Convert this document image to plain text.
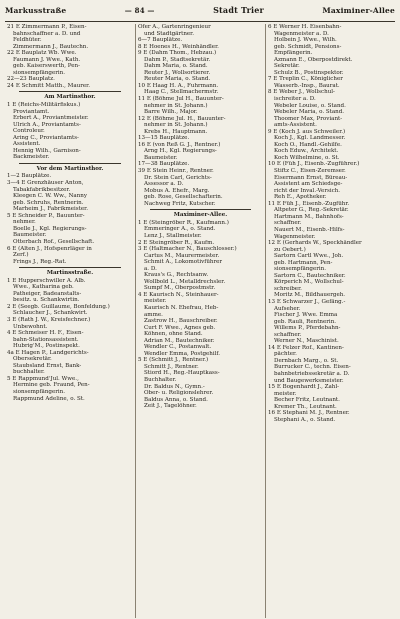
Markusstraße	— 84 —	Stadt Trier	Maximiner-Allee
21 E Zimmermann P., Eisen-
bahnschaffner a. D. und
Feldhüter.
Zimmermann J., Bautechn.
22 E Bauplatz Wb. Wwe.
Faumann J. Wwe., Kath.
geb. Kaiserswerth, Pen-
sionsempfängerin.
22—23 Bauplatz.
24 E Schmitt Matth., Maurer.
Am Martinsthor.
1 E (Reichs-Militärfiskus.)
Proviantamt.
Erbert A., Proviantmeister.
Ulrich A., Proviantamts-
Controleur.
Aring C., Proviantamts-
Assistent.
Hennig Wilh., Garnison-
Backmeister.
Vor dem Martinsthor.
1—2 Bauplätze.
3—4 E Grenzhäuser Anton,
Tabakfabrikbesitzer.
Kleegen C. W. Ww., Nanny
geb. Schruhs, Rentnerin.
Marheim J., Fabrikmeister.
5 E Schneider P., Bauunter-
nehmer.
Boelle J., Kgl. Regierungs-
Baumeister.
Otterbach Rof., Gesellschaft.
6 E (Alten J., Hofspenrläger in
Zerf.)
Frings J., Reg.-Rat.
Martinsstraße.
1 E Hupperschwiller A. Alb.
Wwe., Katharina geb.
Patheiger, Badeanstalts-
besitz. u. Schankwirtin.
2 E (Seegb. Guillaume, Bonfeldung.)
Schlaucher J., Schankwirt.
3 E (Rath J. W., Kreisfechner.)
Unbewohnt.
4 E Schmeiser H. F., Eisen-
bahn-Stationsassistent.
HubrigʿM., Postinspekt.
4a E Hagen P., Landgerichts-
Obersekretär.
Staubsland Ernst, Bank-
buchhalter.
5 E RappmundʿJul. Wwe.,
Hermine geb. Fraund, Pen-
sionsempfängerin.
Rappmund Adeline, o. St.
Ofer A., Gartenringenieur
und Stadtgärtner.
6—7 Bauplätze.
8 E Hoenes H., Weinhändler.
9 E (Dahm Thom., Hebzau.)
Dahm P., Stadtsekretär.
Dahm Maria, o. Stand.
Reuter J., Wollsortierer.
Reuter Maria, o. Stand.
10 E Haag H. A., Fuhrmann.
Haag C., Stellmachermstr.
11 E (Böhme Jul H., Bauunter-
nehmer in St. Johann.)
Barre Wilh., Major.
12 E (Böhme Jul. H., Bauunter-
nehmer in St. Johann.)
Krebs H., Hauptmann.
13—15 Bauplätze.
16 E (von Reß G. J., Rentner.)
Arng H., Kgl. Regierungs-
Baumeister.
17—38 Bauplätze.
39 E Stein Heinr., Rentner.
Dr. Stein Carl, Gerichts-
Assessor a. D.
Mobus A. Ehefr., Marg.
geb. Rose, Gesellschafterin.
Nachweg Fritz, Kutscher.
Maximiner-Allee.
1 E (Steingröber R., Kaufmann.)
Emmeringer A., o. Stand.
Lenz J., Stallmeister.
2 E Steingröber R., Kaufm.
3 E (Haltmacher N., Bauschlosser.)
Cartus M., Maurermeister.
Schmit A., Lokomotivführer
a. D.
Kraus's G., Rechtsanw.
Wollbold L., Metalldrechsler.
Sumpf M., Oberpostmstr.
4 E Kaurisch N., Steinhauer-
meister.
Kaurisch N. Ehefrau, Heb-
amme.
Zastrow H., Bauschreiber.
Curt F. Wwe., Agnes geb.
Köhnen, ohne Stand.
Adrian M., Bautechniker.
Wendler C., Postanwalt.
Wendler Emma, Postgehilf.
5 E (Schmitt J., Rentner.)
Schmitt J., Rentner.
Stiord H., Reg.-Hauptkass-
Buchhalter.
Dr. Baldus N., Gymn.-
Ober- u. Religionslehrer.
Baldus Anna, o. Stand.
Zeit J., Tagelöhner.
6 E Werner H. Eisenbahn-
Wagenmeister a. D.
Holbein J. Wwe., Wilh.
geb. Schmidt, Pensions-
Empfängerin.
Azmann E., Oberpostdirekt.
Sekretär.
Schulz B., Postinspektor.
7 E Treplin C., Königlicher
Wasserb.-Insp., Baurat.
8 E Weber J., Wollschul-
ischreiter a. D.
Webeler Louise, o. Stand.
Webeler Maria, o. Stand.
Thoomer Max, Proviant-
amts-Assistent.
9 E (Koch J. aus Schweiler.)
Koch J., Kgl. Landmesser.
Koch O., Handl.-Gehilfe.
Koch Eduw., Architekt.
Koch Wilhelmine, o. St.
10 E (Füh J., Eisenb.-Zugführer.)
Stiftz C., Eisen-Zeremser.
Eisermann Ernst, Büreau-
Assistent am Schiedsge-
richt der Inval.-Versich.
Reh E., Apotheker.
11 E Füh J., Eisenb.-Zugführ.
Altpeter G., Reg.-Sekretär.
Hartmann M., Bahnhofs-
schaffner.
Nauert M., Eisenb.-Hilfs-
Wagenmeister.
12 E (Gerhards W., Speckhändler
zu Oebert.)
Sartorn Cartl Wwe., Joh.
geb. Hartmann, Pen-
sionsempfängerin.
Sartorn C., Bautechniker.
Körperich M., Wollschul-
schreiber.
Moritz M., Bildhauergeh.
13 E Schwarzer J., Gefäng.-
Aufseher.
Fischer J. Wwe. Emma
geb. Rauli, Rentnerin.
Willems P., Pferdebahn-
schaffner.
Werner N., Maschinist.
14 E Felzer Rof., Kantinen-
pächter.
Dernbach Marg., o. St.
Burrucker C., techn. Eisen-
bahnbetriebssekretär a. D.
und Baugewerksmeister.
15 E Bogenhardt J., Zahl-
meister.
Becher Fritz, Leutnant.
Kremer Th., Leutnant.
16 E Stephani M. J., Rentner.
Stephani A., o. Stand.
